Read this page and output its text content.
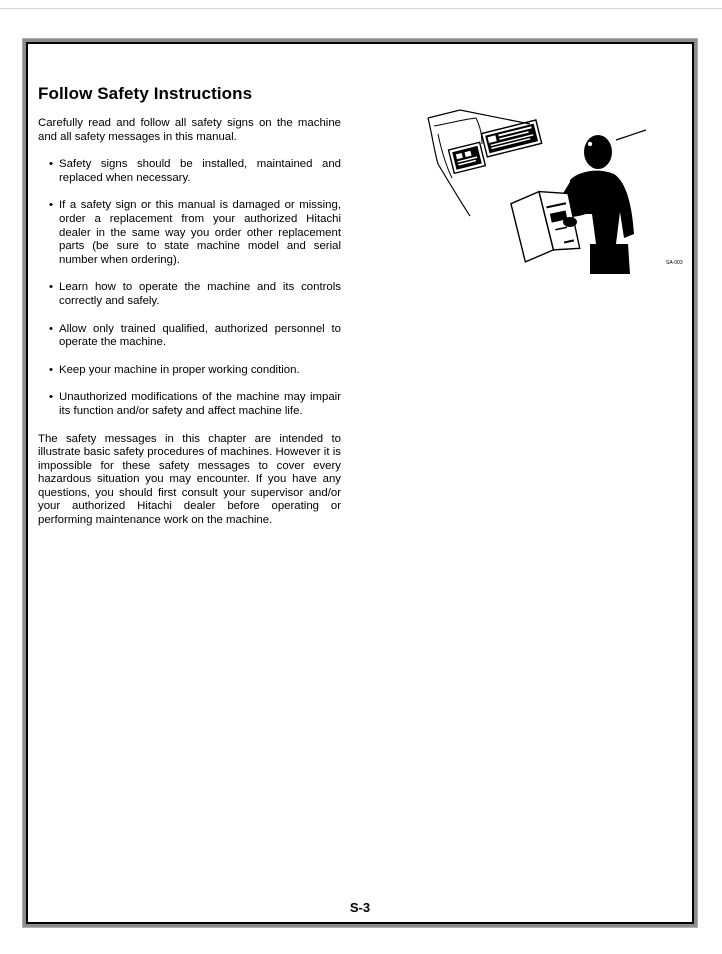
Follow Safety Instructions

Carefully read and follow all safety signs on the machine and all safety messages in this manual.

• Safety signs should be installed, maintained and replaced when necessary.
• If a safety sign or this manual is damaged or missing, order a replacement from your authorized Hitachi dealer in the same way you order other replacement parts (be sure to state machine model and serial number when ordering).
• Learn how to operate the machine and its controls correctly and safely.
• Allow only trained qualified, authorized personnel to operate the machine.
• Keep your machine in proper working condition.
• Unauthorized modifications of the machine may impair its function and/or safety and affect machine life.

The safety messages in this chapter are intended to illustrate basic safety procedures of machines. However it is impossible for these safety messages to cover every hazardous situation you may encounter. If you have any questions, you should first consult your supervisor and/or your authorized Hitachi dealer before operating or performing maintenance work on the machine.

SA-003
S-3
